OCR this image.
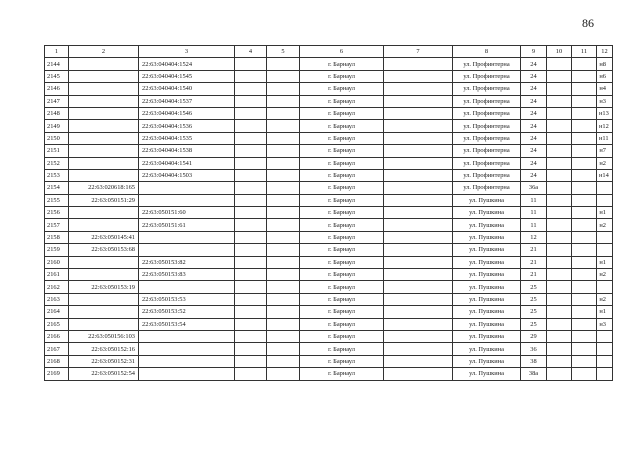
86
1	2	3	4	5	6	7	8	9	10	11	12
2144		22:63:040404:1524			г. Барнаул		ул. Профинтерна	24			н8
2145		22:63:040404:1545			г. Барнаул		ул. Профинтерна	24			н6
2146		22:63:040404:1540			г. Барнаул		ул. Профинтерна	24			н4
2147		22:63:040404:1537			г. Барнаул		ул. Профинтерна	24			н3
2148		22:63:040404:1546			г. Барнаул		ул. Профинтерна	24			н13
2149		22:63:040404:1536			г. Барнаул		ул. Профинтерна	24			н12
2150		22:63:040404:1535			г. Барнаул		ул. Профинтерна	24			н11
2151		22:63:040404:1538			г. Барнаул		ул. Профинтерна	24			н7
2152		22:63:040404:1541			г. Барнаул		ул. Профинтерна	24			н2
2153		22:63:040404:1503			г. Барнаул		ул. Профинтерна	24			н14
2154	22:63:020618:165				г. Барнаул		ул. Профинтерна	36а			
2155	22:63:050151:29				г. Барнаул		ул. Пушкина	11			
2156		22:63:050151:60			г. Барнаул		ул. Пушкина	11			н1
2157		22:63:050151:61			г. Барнаул		ул. Пушкина	11			н2
2158	22:63:050145:41				г. Барнаул		ул. Пушкина	12			
2159	22:63:050153:68				г. Барнаул		ул. Пушкина	21			
2160		22:63:050153:82			г. Барнаул		ул. Пушкина	21			н1
2161		22:63:050153:83			г. Барнаул		ул. Пушкина	21			н2
2162	22:63:050153:19				г. Барнаул		ул. Пушкина	25			
2163		22:63:050153:53			г. Барнаул		ул. Пушкина	25			н2
2164		22:63:050153:52			г. Барнаул		ул. Пушкина	25			н1
2165		22:63:050153:54			г. Барнаул		ул. Пушкина	25			н3
2166	22:63:050156:103				г. Барнаул		ул. Пушкина	29			
2167	22:63:050152:16				г. Барнаул		ул. Пушкина	36			
2168	22:63:050152:31				г. Барнаул		ул. Пушкина	38			
2169	22:63:050152:54				г. Барнаул		ул. Пушкина	38а			
